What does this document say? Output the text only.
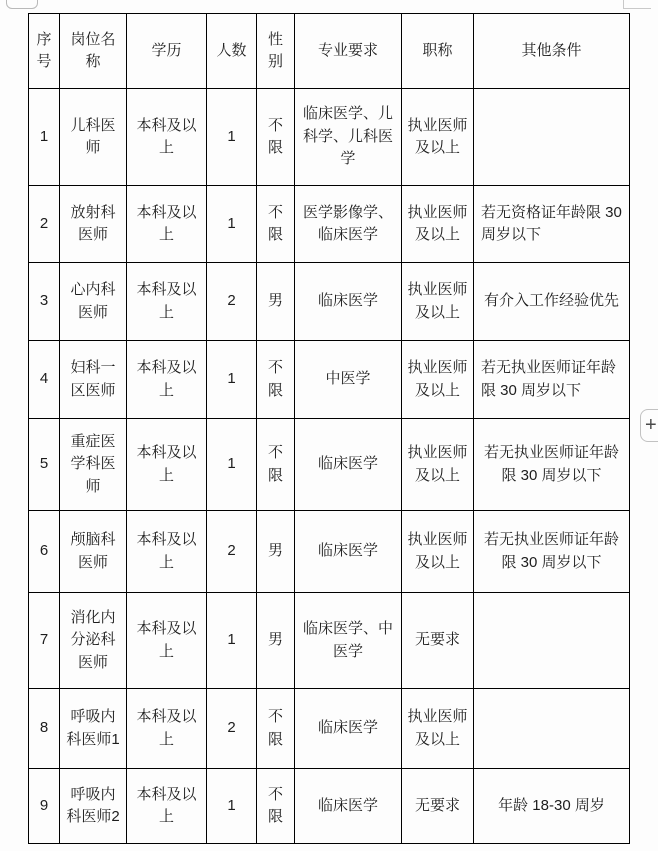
序号	岗位名称	学历	人数	性别	专业要求	职称	其他条件
1	儿科医师	本科及以上	1	不限	临床医学、儿科学、儿科医学	执业医师及以上	
2	放射科医师	本科及以上	1	不限	医学影像学、临床医学	执业医师及以上	若无资格证年龄限 30 周岁以下
3	心内科医师	本科及以上	2	男	临床医学	执业医师及以上	有介入工作经验优先
4	妇科一区医师	本科及以上	1	不限	中医学	执业医师及以上	若无执业医师证年龄限 30 周岁以下
5	重症医学科医师	本科及以上	1	不限	临床医学	执业医师及以上	若无执业医师证年龄限 30 周岁以下
6	颅脑科医师	本科及以上	2	男	临床医学	执业医师及以上	若无执业医师证年龄限 30 周岁以下
7	消化内分泌科医师	本科及以上	1	男	临床医学、中医学	无要求	
8	呼吸内科医师1	本科及以上	2	不限	临床医学	执业医师及以上	
9	呼吸内科医师2	本科及以上	1	不限	临床医学	无要求	年龄 18-30 周岁
+
